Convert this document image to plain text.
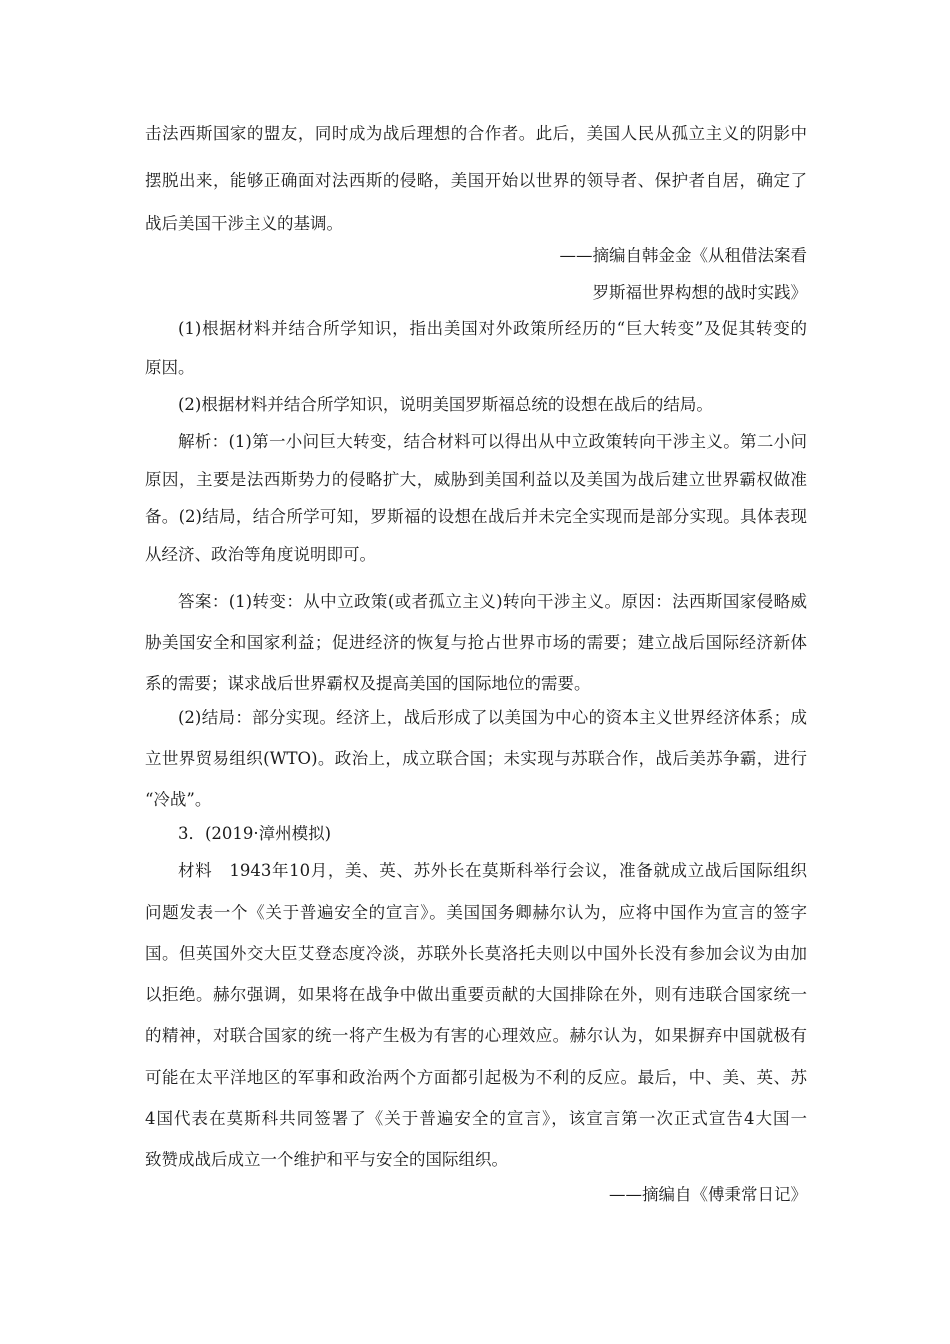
击法西斯国家的盟友，同时成为战后理想的合作者。此后，美国人民从孤立主义的阴影中
摆脱出来，能够正确面对法西斯的侵略，美国开始以世界的领导者、保护者自居，确定了
战后美国干涉主义的基调。
——摘编自韩金金《从租借法案看
罗斯福世界构想的战时实践》
(1)根据材料并结合所学知识，指出美国对外政策所经历的“巨大转变”及促其转变的
原因。
(2)根据材料并结合所学知识，说明美国罗斯福总统的设想在战后的结局。
解析：(1)第一小问巨大转变，结合材料可以得出从中立政策转向干涉主义。第二小问
原因，主要是法西斯势力的侵略扩大，威胁到美国利益以及美国为战后建立世界霸权做准
备。(2)结局，结合所学可知，罗斯福的设想在战后并未完全实现而是部分实现。具体表现
从经济、政治等角度说明即可。
答案：(1)转变：从中立政策(或者孤立主义)转向干涉主义。原因：法西斯国家侵略威
胁美国安全和国家利益；促进经济的恢复与抢占世界市场的需要；建立战后国际经济新体
系的需要；谋求战后世界霸权及提高美国的国际地位的需要。
(2)结局：部分实现。经济上，战后形成了以美国为中心的资本主义世界经济体系；成
立世界贸易组织(WTO)。政治上，成立联合国；未实现与苏联合作，战后美苏争霸，进行
“冷战”。
3．(2019·漳州模拟)
材料　1943年10月，美、英、苏外长在莫斯科举行会议，准备就成立战后国际组织
问题发表一个《关于普遍安全的宣言》。美国国务卿赫尔认为，应将中国作为宣言的签字
国。但英国外交大臣艾登态度冷淡，苏联外长莫洛托夫则以中国外长没有参加会议为由加
以拒绝。赫尔强调，如果将在战争中做出重要贡献的大国排除在外，则有违联合国家统一
的精神，对联合国家的统一将产生极为有害的心理效应。赫尔认为，如果摒弃中国就极有
可能在太平洋地区的军事和政治两个方面都引起极为不利的反应。最后，中、美、英、苏
4国代表在莫斯科共同签署了《关于普遍安全的宣言》，该宣言第一次正式宣告4大国一
致赞成战后成立一个维护和平与安全的国际组织。
——摘编自《傅秉常日记》
